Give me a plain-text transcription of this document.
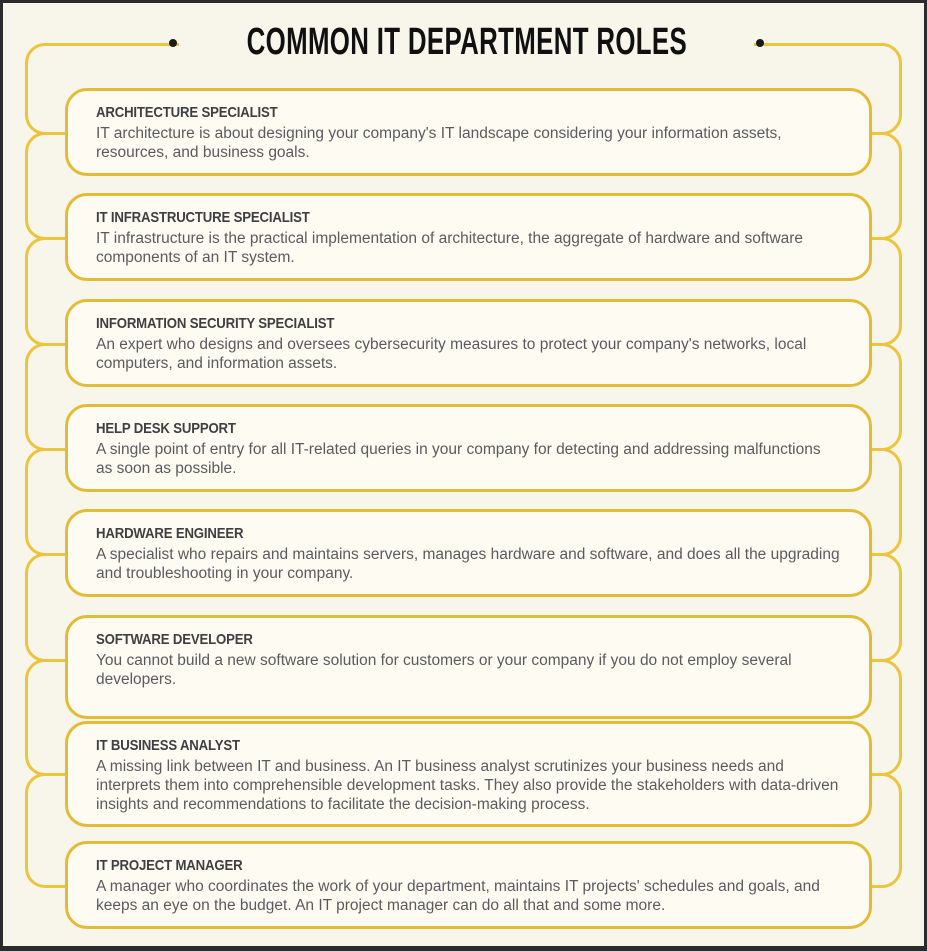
ARCHITECTURE SPECIALIST

IT architecture is about designing your company's IT landscape considering your information assets, resources, and business goals.

IT INFRASTRUCTURE SPECIALIST

IT infrastructure is the practical implementation of architecture, the aggregate of hardware and software components of an IT system.

INFORMATION SECURITY SPECIALIST

An expert who designs and oversees cybersecurity measures to protect your company's networks, local computers, and information assets.

HELP DESK SUPPORT

A single point of entry for all IT-related queries in your company for detecting and addressing malfunctions as soon as possible.

HARDWARE ENGINEER

A specialist who repairs and maintains servers, manages hardware and software, and does all the upgrading and troubleshooting in your company.

SOFTWARE DEVELOPER

You cannot build a new software solution for customers or your company if you do not employ several developers.

IT BUSINESS ANALYST

A missing link between IT and business. An IT business analyst scrutinizes your business needs and interprets them into comprehensible development tasks. They also provide the stakeholders with data-driven insights and recommendations to facilitate the decision-making process.

IT PROJECT MANAGER

A manager who coordinates the work of your department, maintains IT projects' schedules and goals, and keeps an eye on the budget. An IT project manager can do all that and some more.

COMMON IT DEPARTMENT ROLES
